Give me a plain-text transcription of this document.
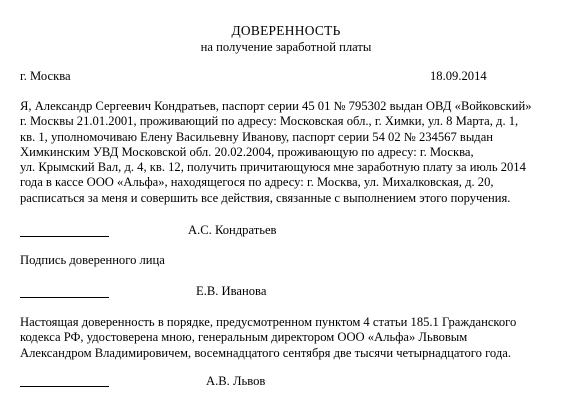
ДОВЕРЕННОСТЬ
на получение заработной платы
г. Москва	18.09.2014
Я, Александр Сергеевич Кондратьев, паспорт серии 45 01 № 795302 выдан ОВД «Войковский»
г. Москвы 21.01.2001, проживающий по адресу: Московская обл., г. Химки, ул. 8 Марта, д. 1,
кв. 1, уполномочиваю Елену Васильевну Иванову, паспорт серии 54 02 № 234567 выдан
Химкинским УВД Московской обл. 20.02.2004, проживающую по адресу: г. Москва,
ул. Крымский Вал, д. 4, кв. 12, получить причитающуюся мне заработную плату за июль 2014
года в кассе ООО «Альфа», находящегося по адресу: г. Москва, ул. Михалковская, д. 20,
расписаться за меня и совершить все действия, связанные с выполнением этого поручения.
А.С. Кондратьев
Подпись доверенного лица
Е.В. Иванова
Настоящая доверенность в порядке, предусмотренном пунктом 4 статьи 185.1 Гражданского
кодекса РФ, удостоверена мною, генеральным директором ООО «Альфа» Львовым
Александром Владимировичем, восемнадцатого сентября две тысячи четырнадцатого года.
А.В. Львов
